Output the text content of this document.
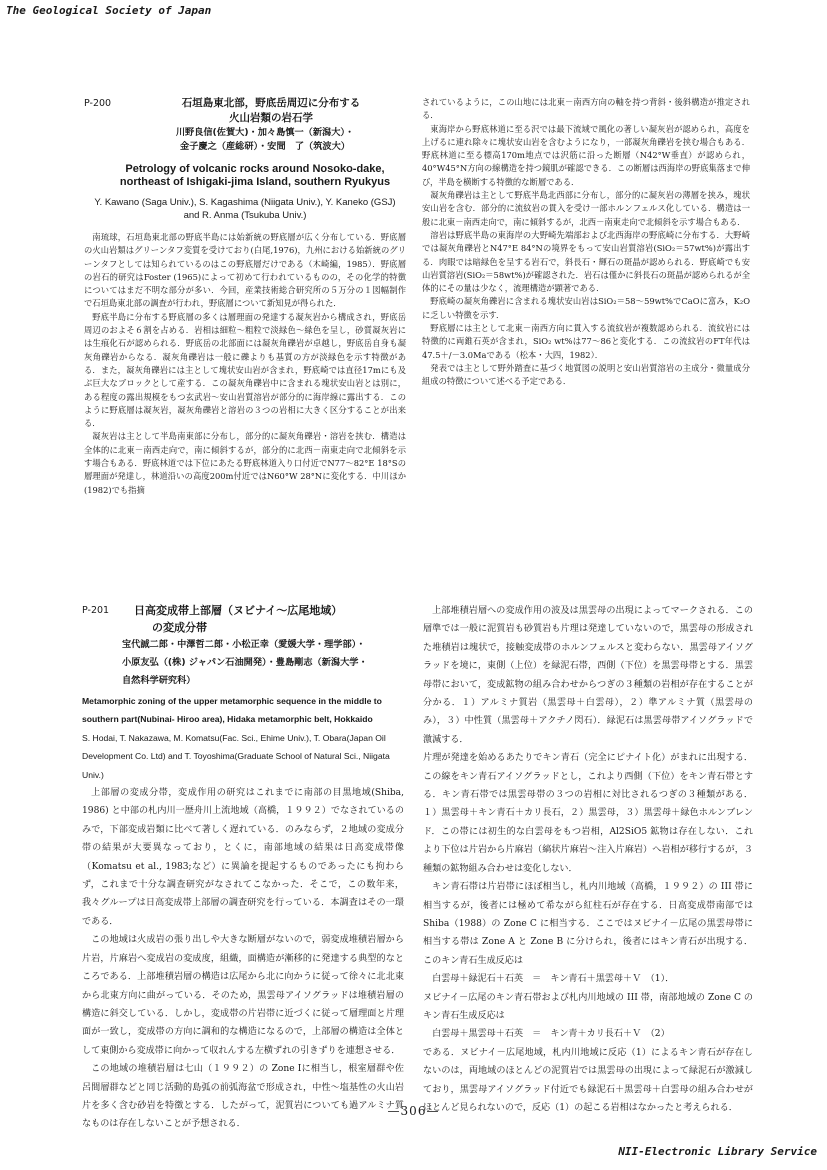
The Geological Society of Japan
P-200	石垣島東北部，野底岳周辺に分布する
火山岩類の岩石学
川野良信(佐賀大)・加々島慎一（新潟大）・
金子慶之（産総研）・安間　了（筑波大）
Petrology of volcanic rocks around Nosoko-dake,
northeast of Ishigaki-jima Island, southern Ryukyus
Y. Kawano (Saga Univ.), S. Kagashima (Niigata Univ.), Y. Kaneko (GSJ)
and R. Anma (Tsukuba Univ.)

南琉球，石垣島東北部の野底半島には始新統の野底層が広く分布している．野底層の火山岩類はグリーンタフ変質を受けており(白尾,1976)，九州における始新統のグリーンタフとしては知られているのはこの野底層だけである（木崎編，1985）．野底層の岩石的研究はFoster (1965)によって初めて行われているものの，その化学的特徴についてはまだ不明な部分が多い．今回，産業技術総合研究所の５万分の１図幅制作で石垣島東北部の調査が行われ，野底層について新知見が得られた．

野底半島に分布する野底層の多くは層理面の発達する凝灰岩から構成され，野底岳周辺のおよそ６割を占める．岩相は細粒～粗粒で淡緑色～緑色を呈し，砂質凝灰岩には生痕化石が認められる．野底岳の北部面には凝灰角礫岩が卓越し，野底岳自身も凝灰角礫岩からなる．凝灰角礫岩は一般に礫よりも基質の方が淡緑色を示す特徴がある．また，凝灰角礫岩には主として塊状安山岩が含まれ，野底崎では直径17mにも及ぶ巨大なブロックとして産する．この凝灰角礫岩中に含まれる塊状安山岩とは別に，ある程度の露出規模をもつ玄武岩～安山岩質溶岩が部分的に海岸線に露出する．このように野底層は凝灰岩，凝灰角礫岩と溶岩の３つの岩相に大きく区分することが出来る．

凝灰岩は主として半島南東部に分布し，部分的に凝灰角礫岩・溶岩を挟む．構造は全体的に北東－南西走向で，南に傾斜するが，部分的に北西－南東走向で北傾斜を示す場合もある．野底林道では下位にあたる野底林道入り口付近でN77～82°E 18°Sの層理面が発達し，林道沿いの高度200m付近ではN60°W 28°Nに変化する．中川ほか(1982)でも指摘

されているように，この山地には北東－南西方向の軸を持つ背斜・後斜構造が推定される．

東海岸から野底林道に至る沢では最下流域で風化の著しい凝灰岩が認められ，高度を上げるに連れ除々に塊状安山岩を含むようになり，一部凝灰角礫岩を挟む場合もある．野底林道に至る標高170m地点では沢筋に沿った断層（N42°W垂直）が認められ，40°W45°N方向の線構造を持つ鏡肌が確認できる．この断層は西海岸の野底集落まで伸び，半島を横断する特徴的な断層である．

凝灰角礫岩は主として野底半島北西部に分布し，部分的に凝灰岩の薄層を挟み，塊状安山岩を含む．部分的に流紋岩の貫入を受け一部ホルンフェルス化している．構造は一般に北東－南西走向で，南に傾斜するが，北西－南東走向で北傾斜を示す場合もある．

溶岩は野底半島の東海岸の大野崎先端部および北西海岸の野底崎に分布する．大野崎では凝灰角礫岩とN47°E 84°Nの境界をもって安山岩質溶岩(SiO₂＝57wt%)が露出する．肉眼では暗緑色を呈する岩石で，斜長石・輝石の斑晶が認められる．野底崎でも安山岩質溶岩(SiO₂＝58wt%)が確認された．岩石は僅かに斜長石の斑晶が認められるが全体的にその量は少なく，流理構造が顕著である．

野底崎の凝灰角礫岩に含まれる塊状安山岩はSiO₂＝58～59wt%でCaOに富み，K₂Oに乏しい特徴を示す．

野底層には主として北東－南西方向に貫入する流紋岩が複数認められる．流紋岩には特徴的に両錐石英が含まれ，SiO₂ wt%は77～86と変化する．この流紋岩のFT年代は47.5＋/－3.0Maである（松本・大四，1982）．

発表では主として野外踏査に基づく地質図の説明と安山岩質溶岩の主成分・微量成分組成の特徴について述べる予定である．

P-201	日高変成帯上部層（ヌビナイ～広尾地域）
の変成分帯
宝代誠二郎・中澤哲二郎・小松正幸（愛媛大学・理学部）・
小原友弘（(株) ジャパン石油開発）・豊島剛志（新潟大学・
自然科学研究科）
Metamorphic zoning of the upper metamorphic sequence in the middle to southern part(Nubinai- Hiroo area), Hidaka metamorphic belt, Hokkaido
S. Hodai, T. Nakazawa, M. Komatsu(Fac. Sci., Ehime Univ.), T. Obara(Japan Oil Development Co. Ltd) and T. Toyoshima(Graduate School of Natural Sci., Niigata Univ.)

上部層の変成分帯，変成作用の研究はこれまでに南部の目黒地域(Shiba, 1986) と中部の札内川一歴舟川上流地域（高橋，１９９２）でなされているのみで，下部変成岩類に比べて著しく遅れている．のみならず，２地域の変成分帯の結果が大要異なっており，とくに，南部地域の結果は日高変成帯像（Komatsu et al., 1983;など）に異論を提起するものであったにも拘わらず，これまで十分な調査研究がなされてこなかった．そこで，この数年来，我々グループは日高変成帯上部層の調査研究を行っている．本調査はその一環である．

この地域は火成岩の張り出しや大きな断層がないので，弱変成堆積岩層から片岩，片麻岩へ変成岩の変成度，組織，面構造が漸移的に発達する典型的なところである．上部堆積岩層の構造は広尾から北に向かうに従って徐々に北北東から北東方向に曲がっている．そのため，黒雲母アイソグラッドは堆積岩層の構造に斜交している．しかし，変成帯の片岩帯に近づくに従って層理面と片理面が一致し，変成帯の方向に調和的な構造になるので，上部層の構造は全体として東側から変成帯に向かって収れんする左横ずれの引きずりを連想させる．

この地域の堆積岩層は七山（１９９２）の Zone Ⅰに相当し，根室層群や佐呂間層群などと同じ活動的島弧の前弧海盆で形成され，中性～塩基性の火山岩片を多く含む砂岩を特徴とする．したがって，泥質岩についても過アルミナ質なものは存在しないことが予想される．

上部堆積岩層への変成作用の波及は黒雲母の出現によってマークされる．この層準では一般に泥質岩も砂質岩も片理は発達していないので，黒雲母の形成された堆積岩は塊状で，接触変成帯のホルンフェルスと変わらない．黒雲母アイソグラッドを境に，東側（上位）を緑泥石帯，西側（下位）を黒雲母帯とする．黒雲母帯において，変成鉱物の組み合わせからつぎの３種類の岩相が存在することが分かる．１）アルミナ質岩（黒雲母＋白雲母），２）準アルミナ質（黒雲母のみ），３）中性質（黒雲母＋アクチノ閃石）．緑泥石は黒雲母帯アイソグラッドで激減する．

片理が発達を始めるあたりでキン青石（完全にピナイト化）がまれに出現する．この線をキン青石アイソグラッドとし，これより西側（下位）をキン青石帯とする．キン青石帯では黒雲母帯の３つの岩相に対比されるつぎの３種類がある．１）黒雲母＋キン青石＋カリ長石，２）黒雲母，３）黒雲母＋緑色ホルンブレンド．この帯には初生的な白雲母をもつ岩相，Al2SiO5 鉱物は存在しない．これより下位は片岩から片麻岩（縞状片麻岩～注入片麻岩）へ岩相が移行するが，３種類の鉱物組み合わせは変化しない．

キン青石帯は片岩帯にほぼ相当し，札内川地域（高橋，１９９２）の III 帯に相当するが，後者には極めて希ながら紅柱石が存在する．日高変成帯南部では Shiba（1988）の Zone C に相当する．ここではヌビナイ－広尾の黒雲母帯に相当する帯は Zone A と Zone B に分けられ，後者にはキン青石が出現する．このキン青石生成反応は

白雲母＋緑泥石＋石英　＝　キン青石＋黒雲母＋Ｖ　（1）．

ヌビナイ－広尾のキン青石帯および札内川地域の III 帯，南部地域の Zone C のキン青石生成反応は

白雲母＋黒雲母＋石英　＝　キン青＋カリ長石＋Ｖ　（2）

である．ヌビナイ－広尾地域，札内川地域に反応（1）によるキン青石が存在しないのは，両地域のほとんどの泥質岩では黒雲母の出現によって緑泥石が激減しており，黒雲母アイソグラッド付近でも緑泥石＋黒雲母＋白雲母の組み合わせがほとんど見られないので，反応（1）の起こる岩相はなかったと考えられる．

—306—
NII-Electronic Library Service
